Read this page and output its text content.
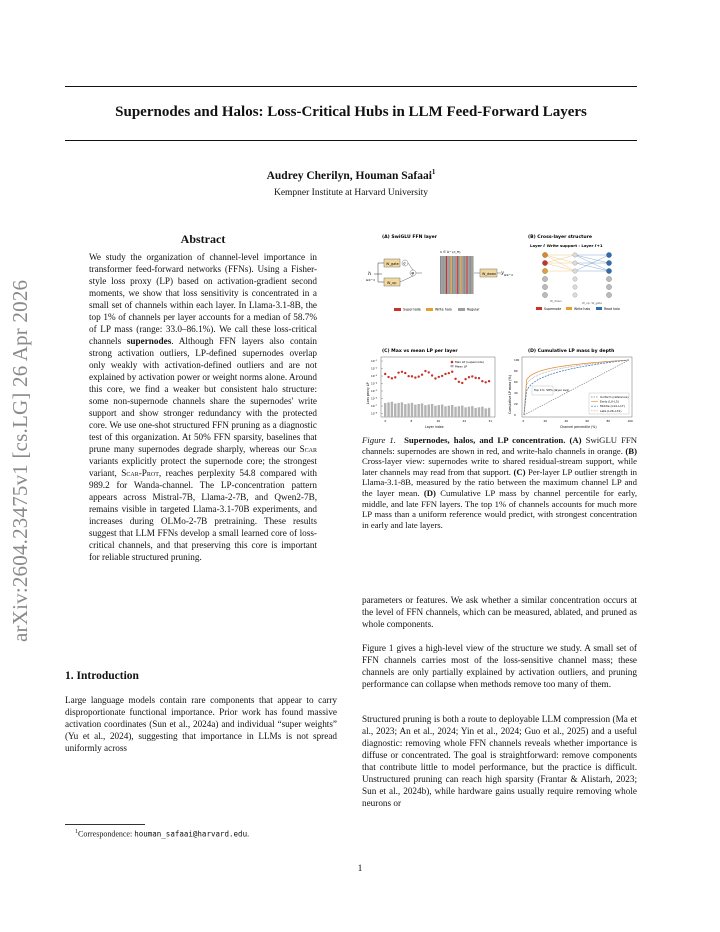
arXiv:2604.23475v1 [cs.LG] 26 Apr 2026
Supernodes and Halos: Loss-Critical Hubs in LLM Feed-Forward Layers
Audrey Cherilyn, Houman Safaai$^1$
Kempner Institute at Harvard University
Abstract
We study the organization of channel-level importance in transformer feed-forward networks (FFNs). Using a Fisher-style loss proxy (LP) based on activation-gradient second moments, we show that loss sensitivity is concentrated in a small set of channels within each layer. In Llama-3.1-8B, the top 1% of channels per layer accounts for a median of 58.7% of LP mass (range: 33.0–86.1%). We call these loss-critical channels supernodes. Although FFN layers also contain strong activation outliers, LP-defined supernodes overlap only weakly with activation-defined outliers and are not explained by activation power or weight norms alone. Around this core, we find a weaker but consistent halo structure: some non-supernode channels share the supernodes' write support and show stronger redundancy with the protected core. We use one-shot structured FFN pruning as a diagnostic test of this organization. At 50% FFN sparsity, baselines that prune many supernodes degrade sharply, whereas our Scar variants explicitly protect the supernode core; the strongest variant, Scar-Prot, reaches perplexity 54.8 compared with 989.2 for Wanda-channel. The LP-concentration pattern appears across Mistral-7B, Llama-2-7B, and Qwen2-7B, remains visible in targeted Llama-3.1-70B experiments, and increases during OLMo-2-7B pretraining. These results suggest that LLM FFNs develop a small learned core of loss-critical channels, and that preserving this core is important for reliable structured pruning.
1. Introduction
Large language models contain rare components that appear to carry disproportionate functional importance. Prior work has found massive activation coordinates (Sun et al., 2024a) and individual “super weights” (Yu et al., 2024), suggesting that importance in LLMs is not spread uniformly across
$^1$Correspondence: houman_safaai@harvard.edu.
(A) SwiGLU FFN layer
h
∈ℝ^d
W_gate σ
W_up
⊗
U ∈ ℝ^{d_ff}
W_down y ∈ℝ^d
Supernode	Write halo	Regular
(B) Cross-layer structure
Layer ℓ Write support › Layer ℓ+1
W_down	W_up, W_gate
Supernode	Write halo	Read halo
(C) Max vs mean LP per layer
Loss proxy LP
Layer index
10⁻¹
10⁻²
10⁻³
10⁻⁴
10⁻⁵
10⁻⁶
10⁻⁷
10⁻⁸
0	8	16	24	31
Max LP (supernode)
Mean LP
(D) Cumulative LP mass by depth
Cumulative LP mass (%)
Channel percentile (%)
100
80
60
40
20
0
0	20	40	60	80	100
Top 1%: 58% (layer avg)
Uniform (reference)
Early (L0–L5)
Middle (L14–L17)
Late (L26–L31)
Figure 1. Supernodes, halos, and LP concentration. (A) SwiGLU FFN channels: supernodes are shown in red, and write-halo channels in orange. (B) Cross-layer view: supernodes write to shared residual-stream support, while later channels may read from that support. (C) Per-layer LP outlier strength in Llama-3.1-8B, measured by the ratio between the maximum channel LP and the layer mean. (D) Cumulative LP mass by channel percentile for early, middle, and late FFN layers. The top 1% of channels accounts for much more LP mass than a uniform reference would predict, with strongest concentration in early and late layers.
parameters or features. We ask whether a similar concentration occurs at the level of FFN channels, which can be measured, ablated, and pruned as whole components.
Figure 1 gives a high-level view of the structure we study. A small set of FFN channels carries most of the loss-sensitive channel mass; these channels are only partially explained by activation outliers, and pruning performance can collapse when methods remove too many of them.
Structured pruning is both a route to deployable LLM compression (Ma et al., 2023; An et al., 2024; Yin et al., 2024; Guo et al., 2025) and a useful diagnostic: removing whole FFN channels reveals whether importance is diffuse or concentrated. The goal is straightforward: remove components that contribute little to model performance, but the practice is difficult. Unstructured pruning can reach high sparsity (Frantar & Alistarh, 2023; Sun et al., 2024b), while hardware gains usually require removing whole neurons or
1
